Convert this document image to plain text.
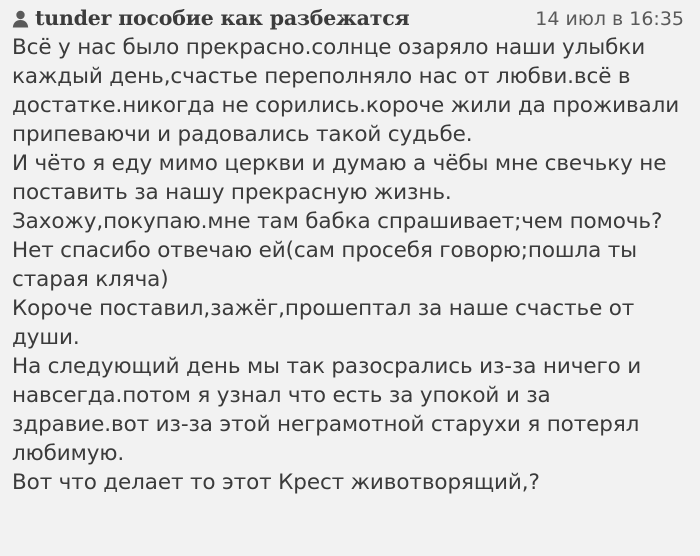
tunder пособие как разбежатся	14 июл в 16:35

Всё у нас было прекрасно.солнце озаряло наши улыбки каждый день,счастье переполняло нас от любви.всё в достатке.никогда не сорились.короче жили да проживали припеваючи и радовались такой судьбе.

И чёто я еду мимо церкви и думаю а чёбы мне свечьку не поставить за нашу прекрасную жизнь.

Захожу,покупаю.мне там бабка спрашивает;чем помочь?

Нет спасибо отвечаю ей(сам просебя говорю;пошла ты старая кляча)

Короче поставил,зажёг,прошептал за наше счастье от души.

На следующий день мы так разосрались из-за ничего и навсегда.потом я узнал что есть за упокой и за здравие.вот из-за этой неграмотной старухи я потерял любимую.

Вот что делает то этот Крест животворящий,?
